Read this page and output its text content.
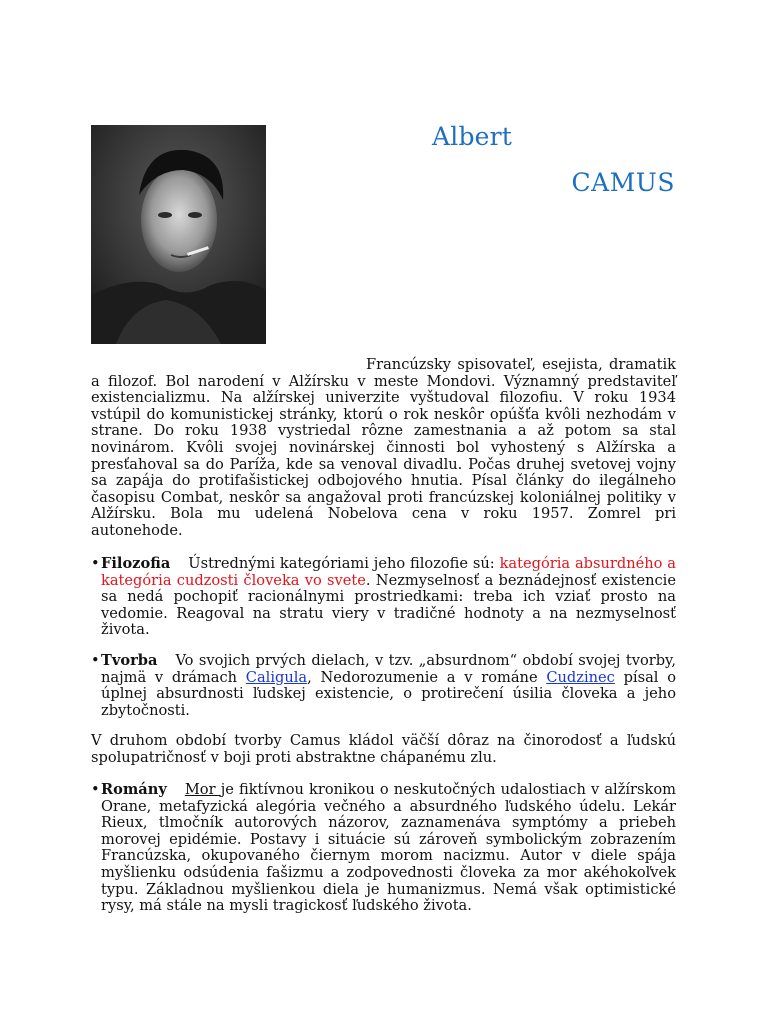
Albert
CAMUS
Francúzsky spisovateľ, esejista, dramatik a filozof. Bol narodení v Alžírsku v meste Mondovi. Významný predstaviteľ existencializmu. Na alžírskej univerzite vyštudoval filozofiu. V roku 1934 vstúpil do komunistickej stránky, ktorú o rok neskôr opúšťa kvôli nezhodám v strane. Do roku 1938 vystriedal rôzne zamestnania a až potom sa stal novinárom. Kvôli svojej novinárskej činnosti bol vyhostený s Alžírska a presťahoval sa do Paríža, kde sa venoval divadlu. Počas druhej svetovej vojny sa zapája do protifašistickej odbojového hnutia. Písal články do ilegálneho časopisu Combat, neskôr sa angažoval proti francúzskej koloniálnej politiky v Alžírsku. Bola mu udelená Nobelova cena v roku 1957. Zomrel pri autonehode.
• Filozofia Ústrednými kategóriami jeho filozofie sú: kategória absurdného a kategória cudzosti človeka vo svete. Nezmyselnosť a beznádejnosť existencie sa nedá pochopiť racionálnymi prostriedkami: treba ich vziať prosto na vedomie. Reagoval na stratu viery v tradičné hodnoty a na nezmyselnosť života.
• Tvorba Vo svojich prvých dielach, v tzv. „absurdnom“ období svojej tvorby, najmä v drámach Caligula, Nedorozumenie a v románe Cudzinec písal o úplnej absurdnosti ľudskej existencie, o protirečení úsilia človeka a jeho zbytočnosti.
V druhom období tvorby Camus kládol väčší dôraz na činorodosť a ľudskú spolupatričnosť v boji proti abstraktne chápanému zlu.
• Romány Mor je fiktívnou kronikou o neskutočných udalostiach v alžírskom Orane, metafyzická alegória večného a absurdného ľudského údelu. Lekár Rieux, tlmočník autorových názorov, zaznamenáva symptómy a priebeh morovej epidémie. Postavy i situácie sú zároveň symbolickým zobrazením Francúzska, okupovaného čiernym morom nacizmu. Autor v diele spája myšlienku odsúdenia fašizmu a zodpovednosti človeka za mor akéhokoľvek typu. Základnou myšlienkou diela je humanizmus. Nemá však optimistické rysy, má stále na mysli tragickosť ľudského života.
